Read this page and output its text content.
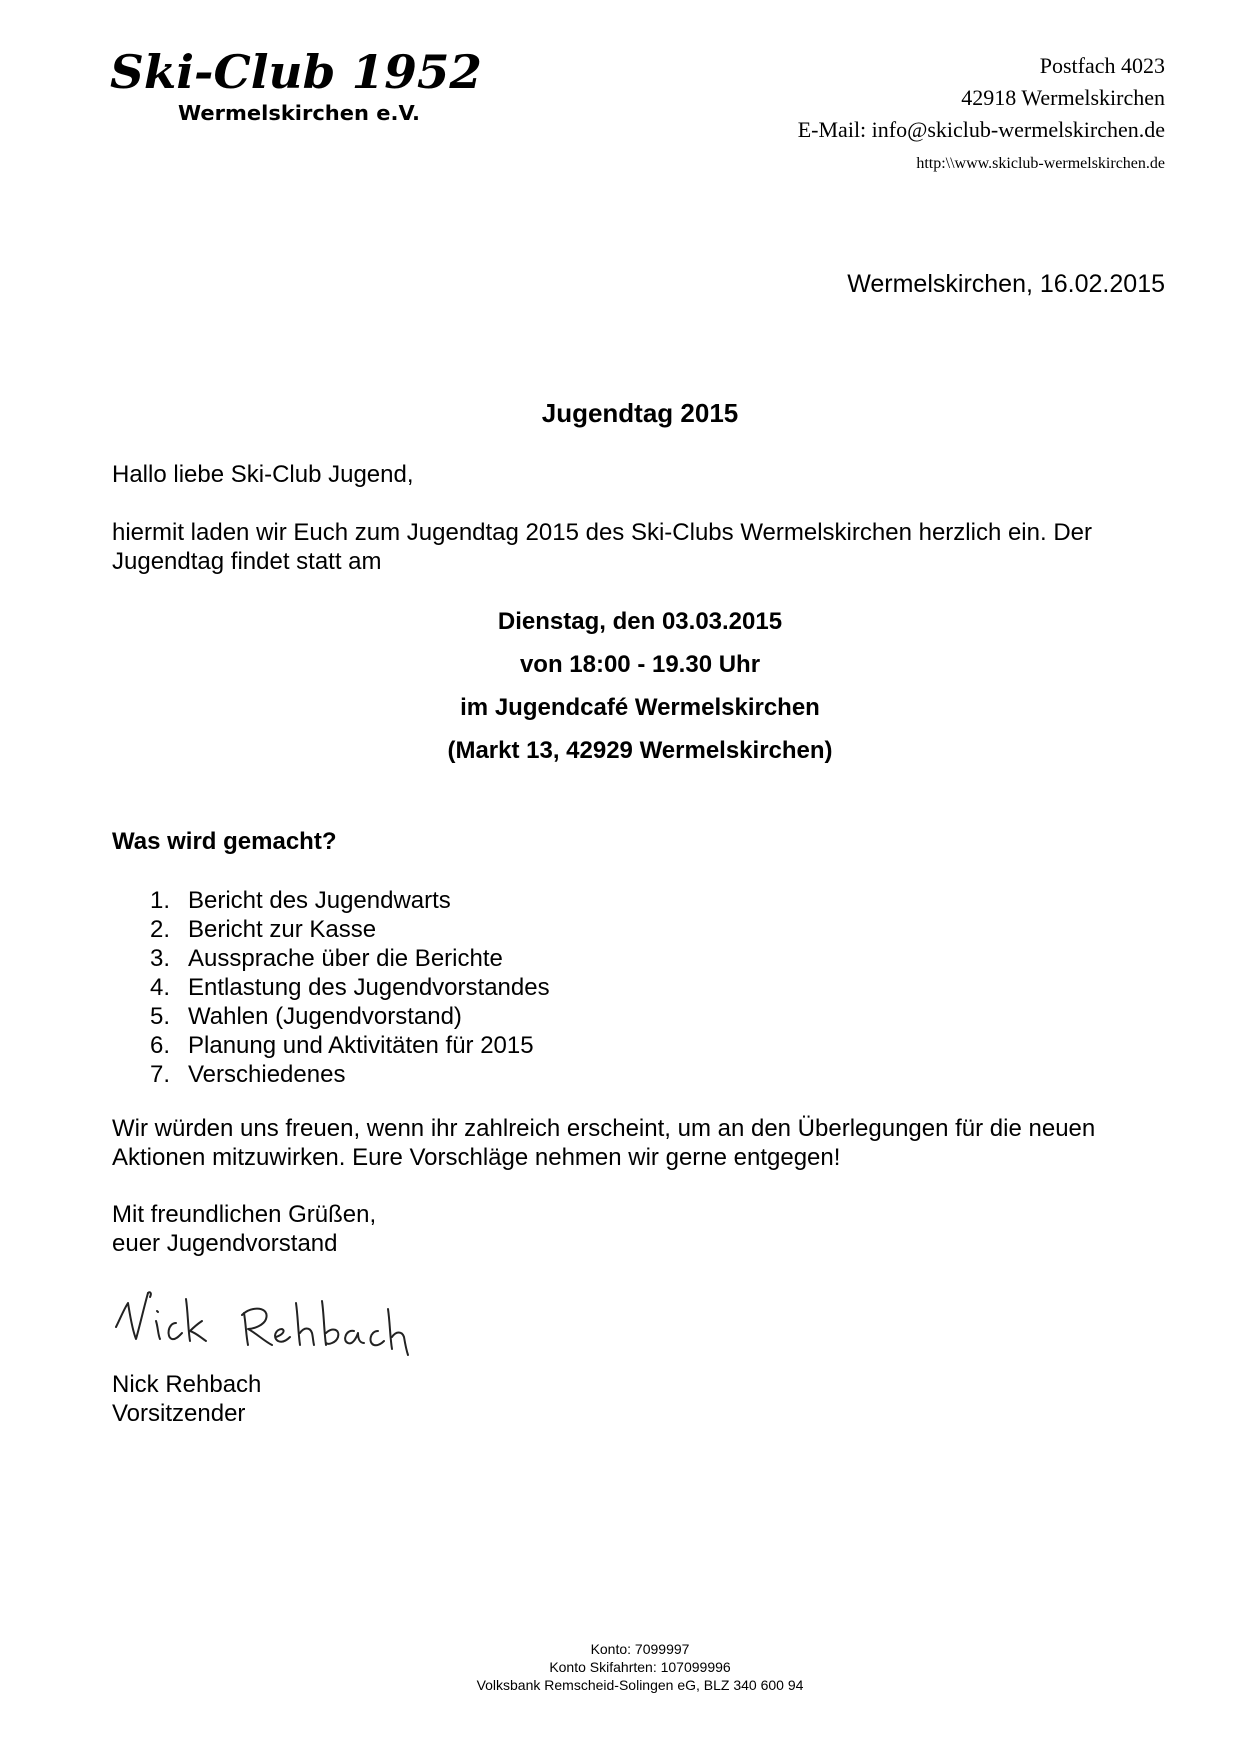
Ski-Club 1952
Wermelskirchen e.V.
Postfach 4023
42918 Wermelskirchen
E-Mail: info@skiclub-wermelskirchen.de
http:\\www.skiclub-wermelskirchen.de
Wermelskirchen, 16.02.2015
Jugendtag 2015
Hallo liebe Ski-Club Jugend,
hiermit laden wir Euch zum Jugendtag 2015 des Ski-Clubs Wermelskirchen herzlich ein. Der Jugendtag findet statt am
Dienstag, den 03.03.2015
von 18:00 - 19.30 Uhr
im Jugendcafé Wermelskirchen
(Markt 13, 42929 Wermelskirchen)
Was wird gemacht?
1. Bericht des Jugendwarts
2. Bericht zur Kasse
3. Aussprache über die Berichte
4. Entlastung des Jugendvorstandes
5. Wahlen (Jugendvorstand)
6. Planung und Aktivitäten für 2015
7. Verschiedenes
Wir würden uns freuen, wenn ihr zahlreich erscheint, um an den Überlegungen für die neuen Aktionen mitzuwirken. Eure Vorschläge nehmen wir gerne entgegen!
Mit freundlichen Grüßen,
euer Jugendvorstand
Nick Rehbach
Vorsitzender
Konto: 7099997
Konto Skifahrten: 107099996
Volksbank Remscheid-Solingen eG, BLZ 340 600 94
